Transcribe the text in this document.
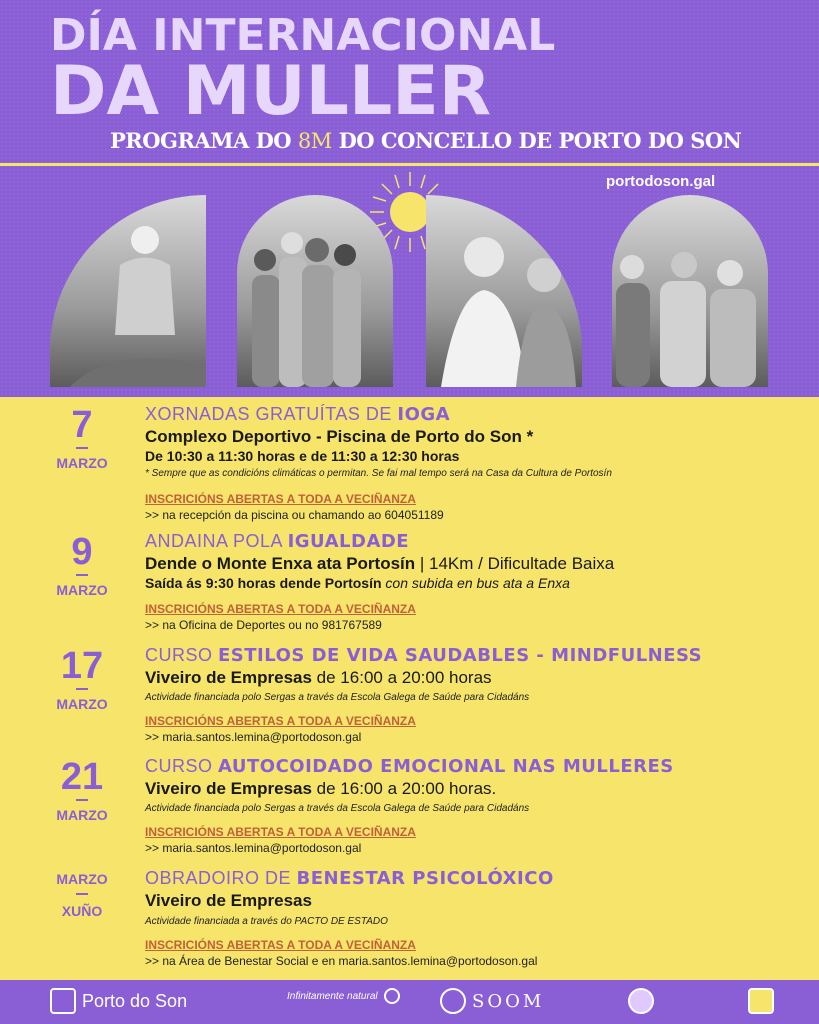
DÍA INTERNACIONAL
DA MULLER
PROGRAMA DO 8M DO CONCELLO DE PORTO DO SON
portodoson.gal
7
MARZO
XORNADAS GRATUÍTAS DE IOGA
Complexo Deportivo - Piscina de Porto do Son *
De 10:30 a 11:30 horas e de 11:30 a 12:30 horas
* Sempre que as condicións climáticas o permitan. Se fai mal tempo será na Casa da Cultura de Portosín
INSCRICIÓNS ABERTAS A TODA A VECIÑANZA
>> na recepción da piscina ou chamando ao 604051189
9
MARZO
ANDAINA POLA IGUALDADE
Dende o Monte Enxa ata Portosín | 14Km / Dificultade Baixa
Saída ás 9:30 horas dende Portosín con subida en bus ata a Enxa
INSCRICIÓNS ABERTAS A TODA A VECIÑANZA
>> na Oficina de Deportes ou no 981767589
17
MARZO
CURSO ESTILOS DE VIDA SAUDABLES - MINDFULNESS
Viveiro de Empresas de 16:00 a 20:00 horas
Actividade financiada polo Sergas a través da Escola Galega de Saúde para Cidadáns
INSCRICIÓNS ABERTAS A TODA A VECIÑANZA
>> maria.santos.lemina@portodoson.gal
21
MARZO
CURSO AUTOCOIDADO EMOCIONAL NAS MULLERES
Viveiro de Empresas de 16:00 a 20:00 horas.
Actividade financiada polo Sergas a través da Escola Galega de Saúde para Cidadáns
INSCRICIÓNS ABERTAS A TODA A VECIÑANZA
>> maria.santos.lemina@portodoson.gal
MARZO
XUÑO
OBRADOIRO DE BENESTAR PSICOLÓXICO
Viveiro de Empresas
Actividade financiada a través do PACTO DE ESTADO
INSCRICIÓNS ABERTAS A TODA A VECIÑANZA
>> na Área de Benestar Social e en maria.santos.lemina@portodoson.gal
Porto do Son	Infinitamente natural	SOOM
